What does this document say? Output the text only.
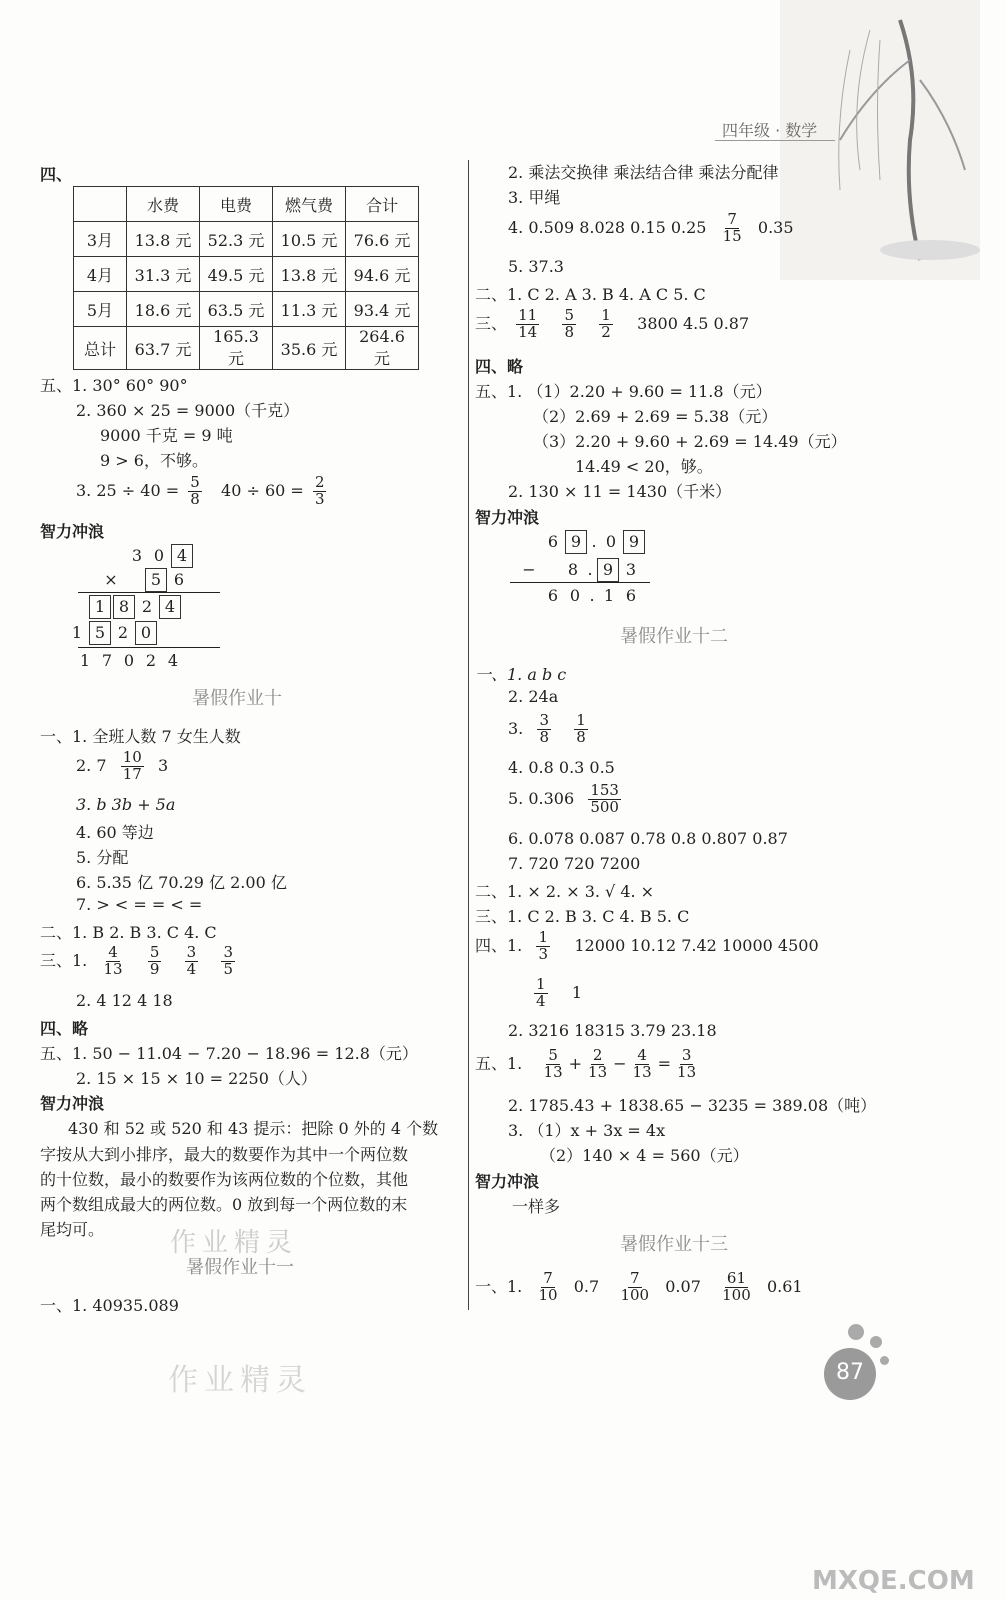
四年级 · 数学
四、
	水费	电费	燃气费	合计
3月	13.8 元	52.3 元	10.5 元	76.6 元
4月	31.3 元	49.5 元	13.8 元	94.6 元
5月	18.6 元	63.5 元	11.3 元	93.4 元
总计	63.7 元	165.3 元	35.6 元	264.6 元
五、1. 30° 60° 90°
2. 360 × 25 = 9000（千克）
9000 千克 = 9 吨
9 > 6，不够。
3. $25 \div 40 = \frac{5}{8} 40 \div 60 = \frac{2}{3}$
智力冲浪
3 0 4
× 5 6
1 8 2 4
1 5 2 0
1 7 0 2 4
暑假作业十
一、1. 全班人数 7 女生人数
2. $7 \frac{10}{17} 3$
3. b 3b + 5a
4. 60 等边
5. 分配
6. 5.35 亿 70.29 亿 2.00 亿
7. > < = = < =
二、1. B 2. B 3. C 4. C
三、1. $\frac{4}{13}$
$\frac{5}{9}$
$\frac{3}{4}$
$\frac{3}{5}$
2. 4 12 4 18
四、略
五、1. 50 − 11.04 − 7.20 − 18.96 = 12.8（元）
2. 15 × 15 × 10 = 2250（人）
智力冲浪
430 和 52 或 520 和 43 提示：把除 0 外的 4 个数
字按从大到小排序，最大的数要作为其中一个两位数
的十位数，最小的数要作为该两位数的个位数，其他
两个数组成最大的两位数。0 放到每一个两位数的末
尾均可。	作业精灵
暑假作业十一
一、1. 40935.089
作业精灵
2. 乘法交换律 乘法结合律 乘法分配律
3. 甲绳
4. 0.509 8.028 0.15 $0.25 \frac{7}{15} 0.35$
5. 37.3
二、1. C 2. A 3. B 4. A C 5. C
三、 $\frac{11}{14}$
$\frac{5}{8}$
$\frac{1}{2} 3800$ 4.5 0.87
四、略
五、1. （1）2.20 + 9.60 = 11.8（元）
（2）2.69 + 2.69 = 5.38（元）
（3）2.20 + 9.60 + 2.69 = 14.49（元）
14.49 < 20，够。
2. 130 × 11 = 1430（千米）
智力冲浪
6 9 . 0 9
− 8 . 9 3
6 0 . 1 6
暑假作业十二
一、1. a b c
2. 24a
3. $\frac{3}{8}$
$\frac{1}{8}$
4. 0.8 0.3 0.5
5. $0.306 \frac{153}{500}$
6. 0.078 0.087 0.78 0.8 0.807 0.87
7. 720 720 7200
二、1. × 2. × 3. √ 4. ×
三、1. C 2. B 3. C 4. B 5. C
四、1. $\frac{1}{3} 12000$ 10.12 7.42 10000 4500
$\frac{1}{4} 1$
2. 3216 18315 3.79 23.18
五、1. $\frac{5}{13} + \frac{2}{13} - \frac{4}{13} = \frac{3}{13}$
2. 1785.43 + 1838.65 − 3235 = 389.08（吨）
3. （1）x + 3x = 4x
（2）140 × 4 = 560（元）
智力冲浪
一样多
暑假作业十三
一、1. $\frac{7}{10} 0.7 \frac{7}{100} 0.07 \frac{61}{100} 0.61$
87
MXQE.COM
